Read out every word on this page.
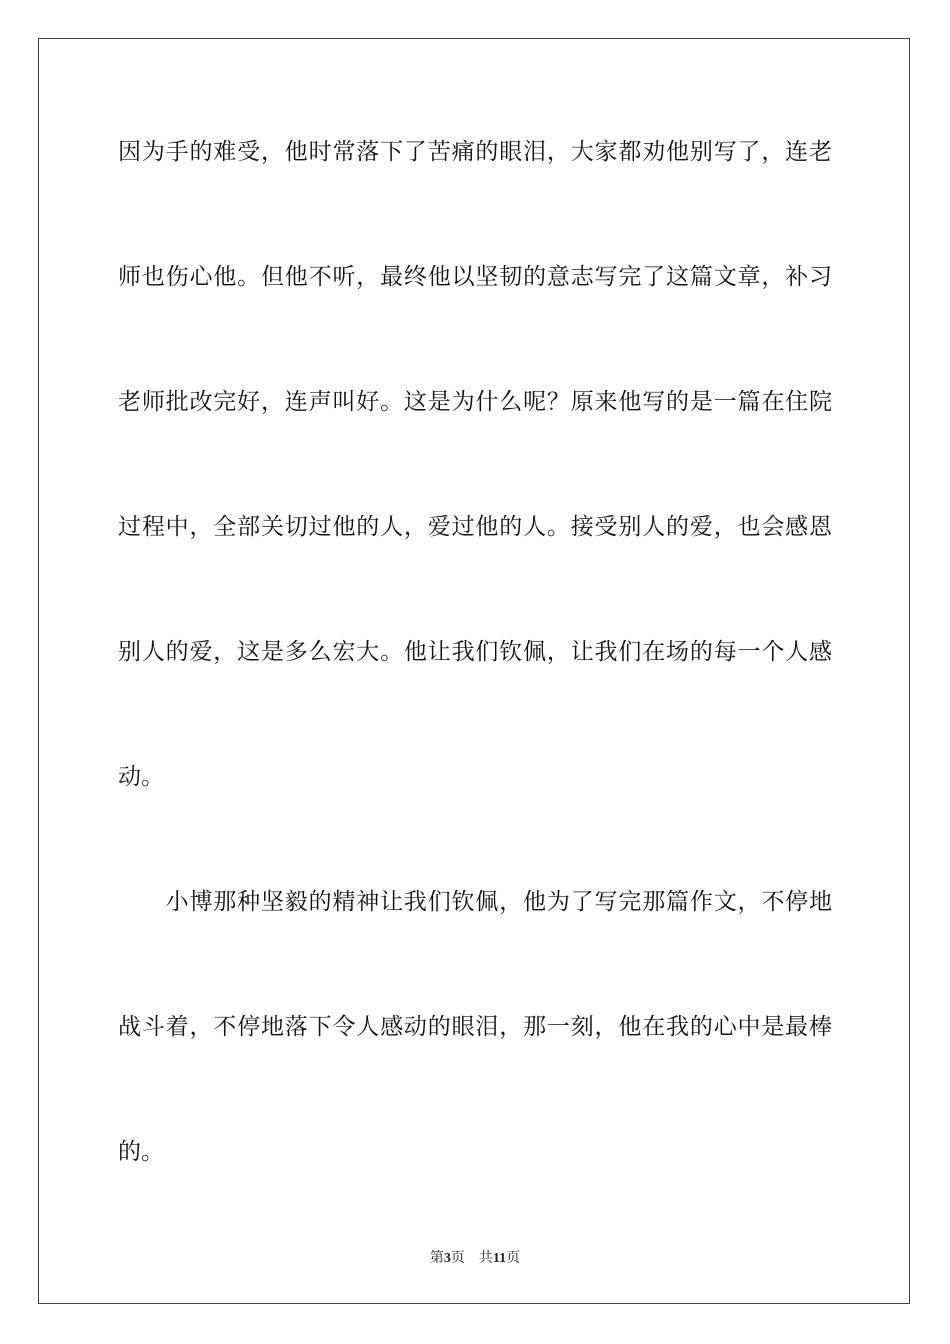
因为手的难受，他时常落下了苦痛的眼泪，大家都劝他别写了，连老
师也伤心他。但他不听，最终他以坚韧的意志写完了这篇文章，补习
老师批改完好，连声叫好。这是为什么呢？原来他写的是一篇在住院
过程中，全部关切过他的人，爱过他的人。接受别人的爱，也会感恩
别人的爱，这是多么宏大。他让我们钦佩，让我们在场的每一个人感
动。
　　小博那种坚毅的精神让我们钦佩，他为了写完那篇作文，不停地
战斗着，不停地落下令人感动的眼泪，那一刻，他在我的心中是最棒
的。
第3页 共11页
